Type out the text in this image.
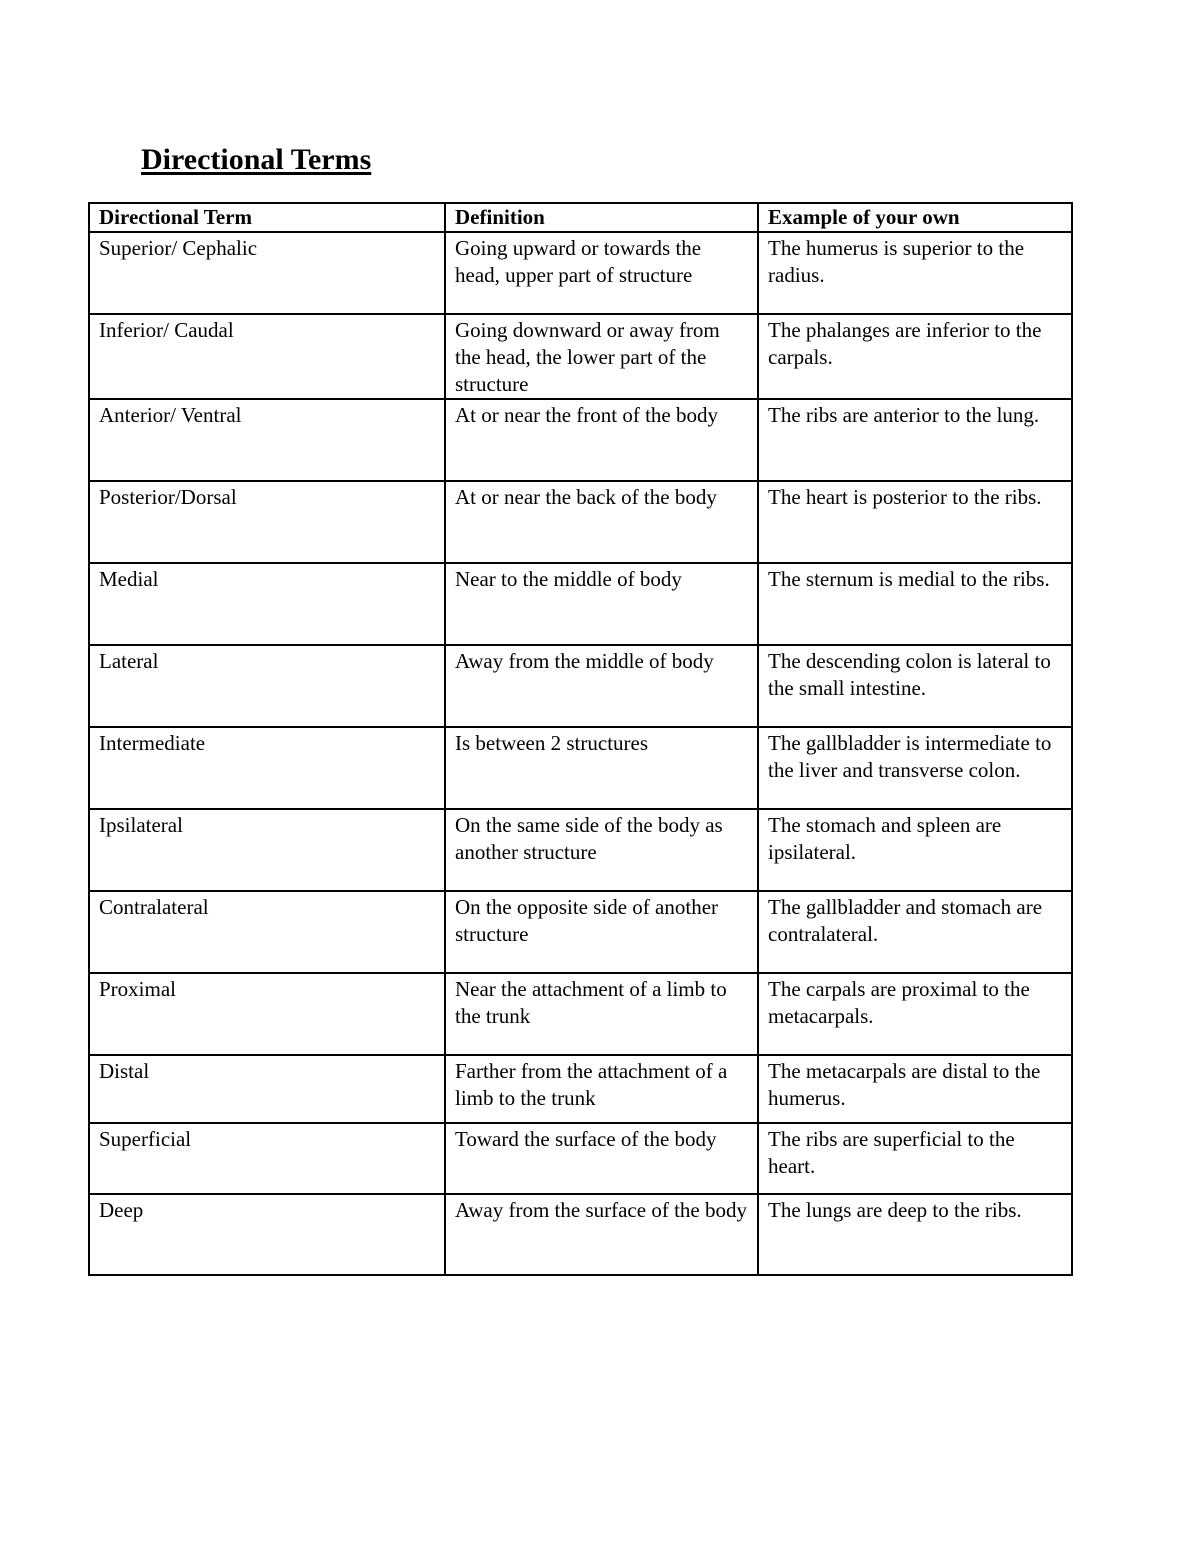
Directional Terms
Directional Term	Definition	Example of your own
Superior/ Cephalic	Going upward or towards the head, upper part of structure	The humerus is superior to the radius.
Inferior/ Caudal	Going downward or away from the head, the lower part of the structure	The phalanges are inferior to the carpals.
Anterior/ Ventral	At or near the front of the body	The ribs are anterior to the lung.
Posterior/Dorsal	At or near the back of the body	The heart is posterior to the ribs.
Medial	Near to the middle of body	The sternum is medial to the ribs.
Lateral	Away from the middle of body	The descending colon is lateral to the small intestine.
Intermediate	Is between 2 structures	The gallbladder is intermediate to the liver and transverse colon.
Ipsilateral	On the same side of the body as another structure	The stomach and spleen are ipsilateral.
Contralateral	On the opposite side of another structure	The gallbladder and stomach are contralateral.
Proximal	Near the attachment of a limb to the trunk	The carpals are proximal to the metacarpals.
Distal	Farther from the attachment of a limb to the trunk	The metacarpals are distal to the humerus.
Superficial	Toward the surface of the body	The ribs are superficial to the heart.
Deep	Away from the surface of the body	The lungs are deep to the ribs.
